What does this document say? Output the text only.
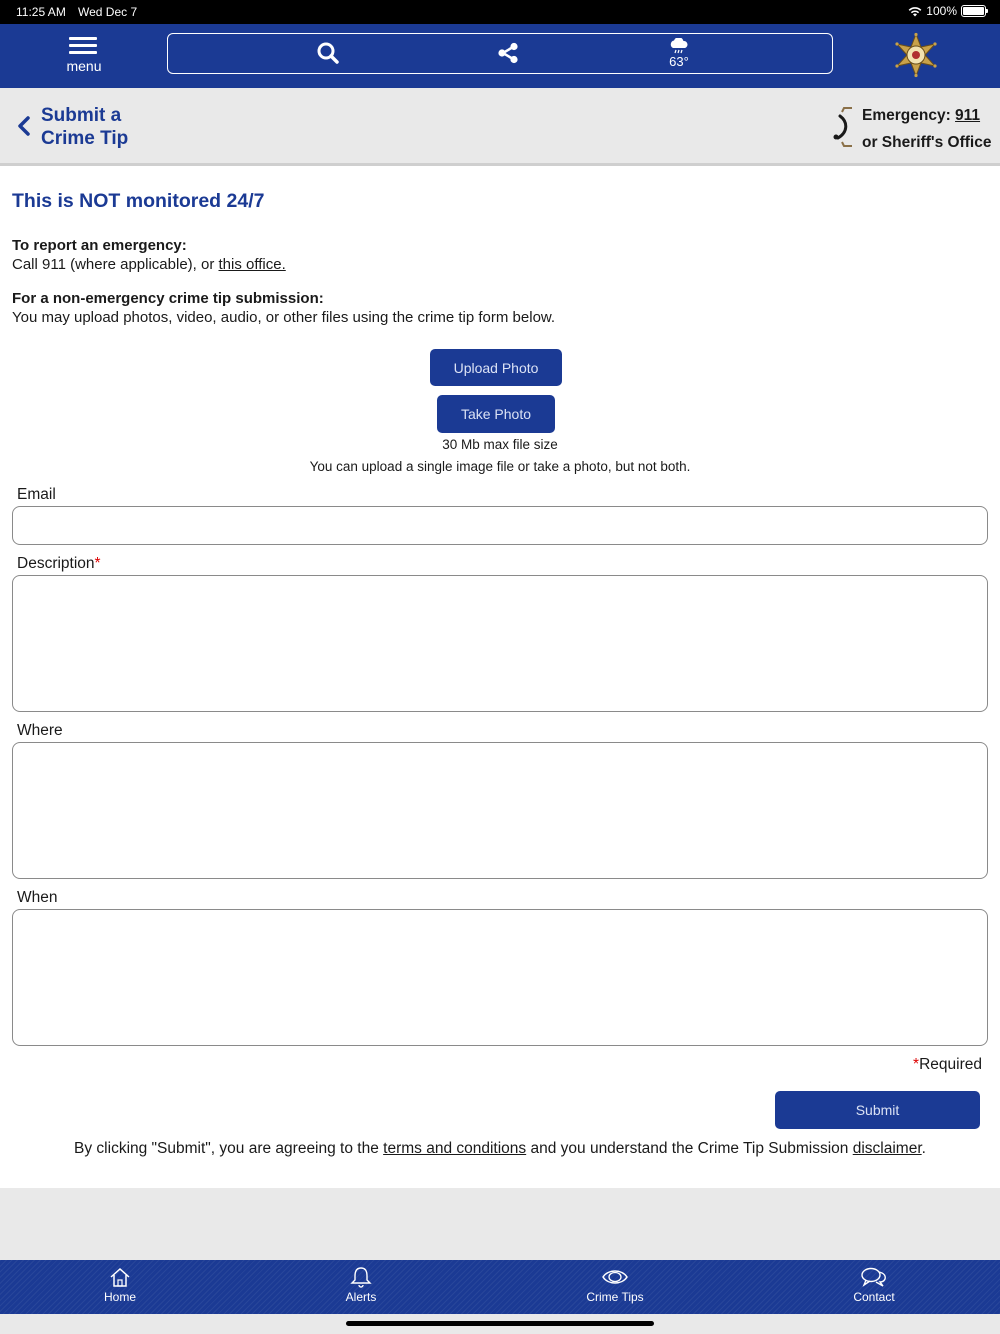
11:25 AM Wed Dec 7	100%
menu	63°
Submit a
Crime Tip
Emergency: 911
or Sheriff's Office
This is NOT monitored 24/7
To report an emergency:
Call 911 (where applicable), or this office.
For a non-emergency crime tip submission:
You may upload photos, video, audio, or other files using the crime tip form below.
Upload Photo
Take Photo
30 Mb max file size
You can upload a single image file or take a photo, but not both.
Email
Description*
Where
When
*Required
Submit
By clicking "Submit", you are agreeing to the terms and conditions and you understand the Crime Tip Submission disclaimer.
Home	Alerts	Crime Tips	Contact
